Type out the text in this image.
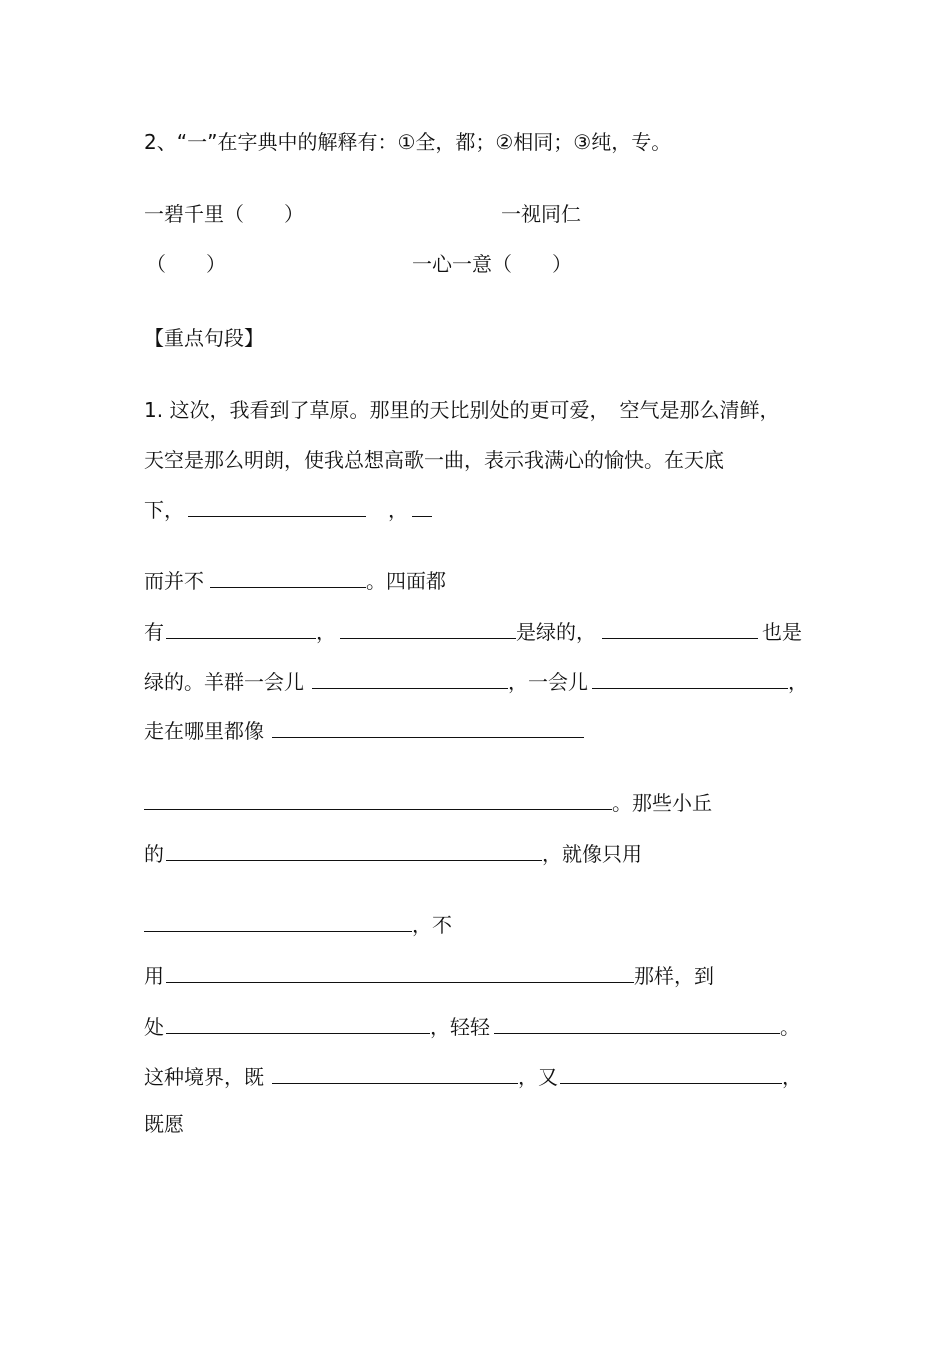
2、“一”在字典中的解释有：①全，都；②相同；③纯，专。
一碧千里（　　）	一视同仁
（　　）	一心一意（　　）
【重点句段】
1. 这次，我看到了草原。那里的天比别处的更可爱，　空气是那么清鲜，
天空是那么明朗，使我总想高歌一曲，表示我满心的愉快。在天底
下，	，
而并不	。四面都
有	，	是绿的，	也是
绿的。羊群一会儿	，一会儿	，
走在哪里都像
。那些小丘
的	，就像只用
，不
用	那样，到
处	，轻轻	。
这种境界，既	，又	，
既愿
